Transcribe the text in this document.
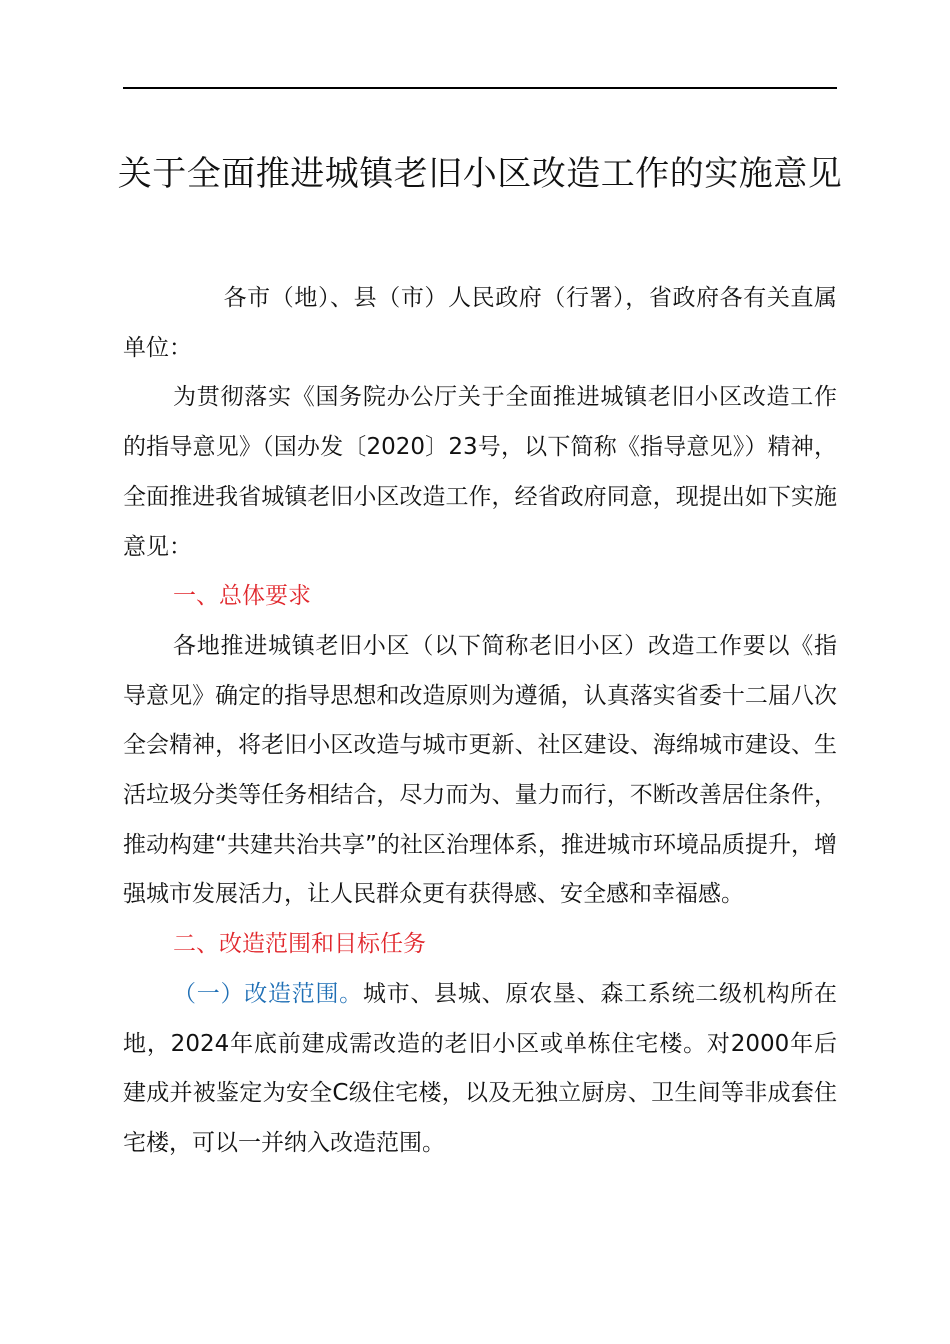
关于全面推进城镇老旧小区改造工作的实施意见

各市（地）、县（市）人民政府（行署），省政府各有关直属单位：

为贯彻落实《国务院办公厅关于全面推进城镇老旧小区改造工作的指导意见》（国办发〔2020〕23号，以下简称《指导意见》）精神，全面推进我省城镇老旧小区改造工作，经省政府同意，现提出如下实施意见：

一、总体要求

各地推进城镇老旧小区（以下简称老旧小区）改造工作要以《指导意见》确定的指导思想和改造原则为遵循，认真落实省委十二届八次全会精神，将老旧小区改造与城市更新、社区建设、海绵城市建设、生活垃圾分类等任务相结合，尽力而为、量力而行，不断改善居住条件，推动构建“共建共治共享”的社区治理体系，推进城市环境品质提升，增强城市发展活力，让人民群众更有获得感、安全感和幸福感。

二、改造范围和目标任务

（一）改造范围。城市、县城、原农垦、森工系统二级机构所在地，2024年底前建成需改造的老旧小区或单栋住宅楼。对2000年后建成并被鉴定为安全C级住宅楼，以及无独立厨房、卫生间等非成套住宅楼，可以一并纳入改造范围。
